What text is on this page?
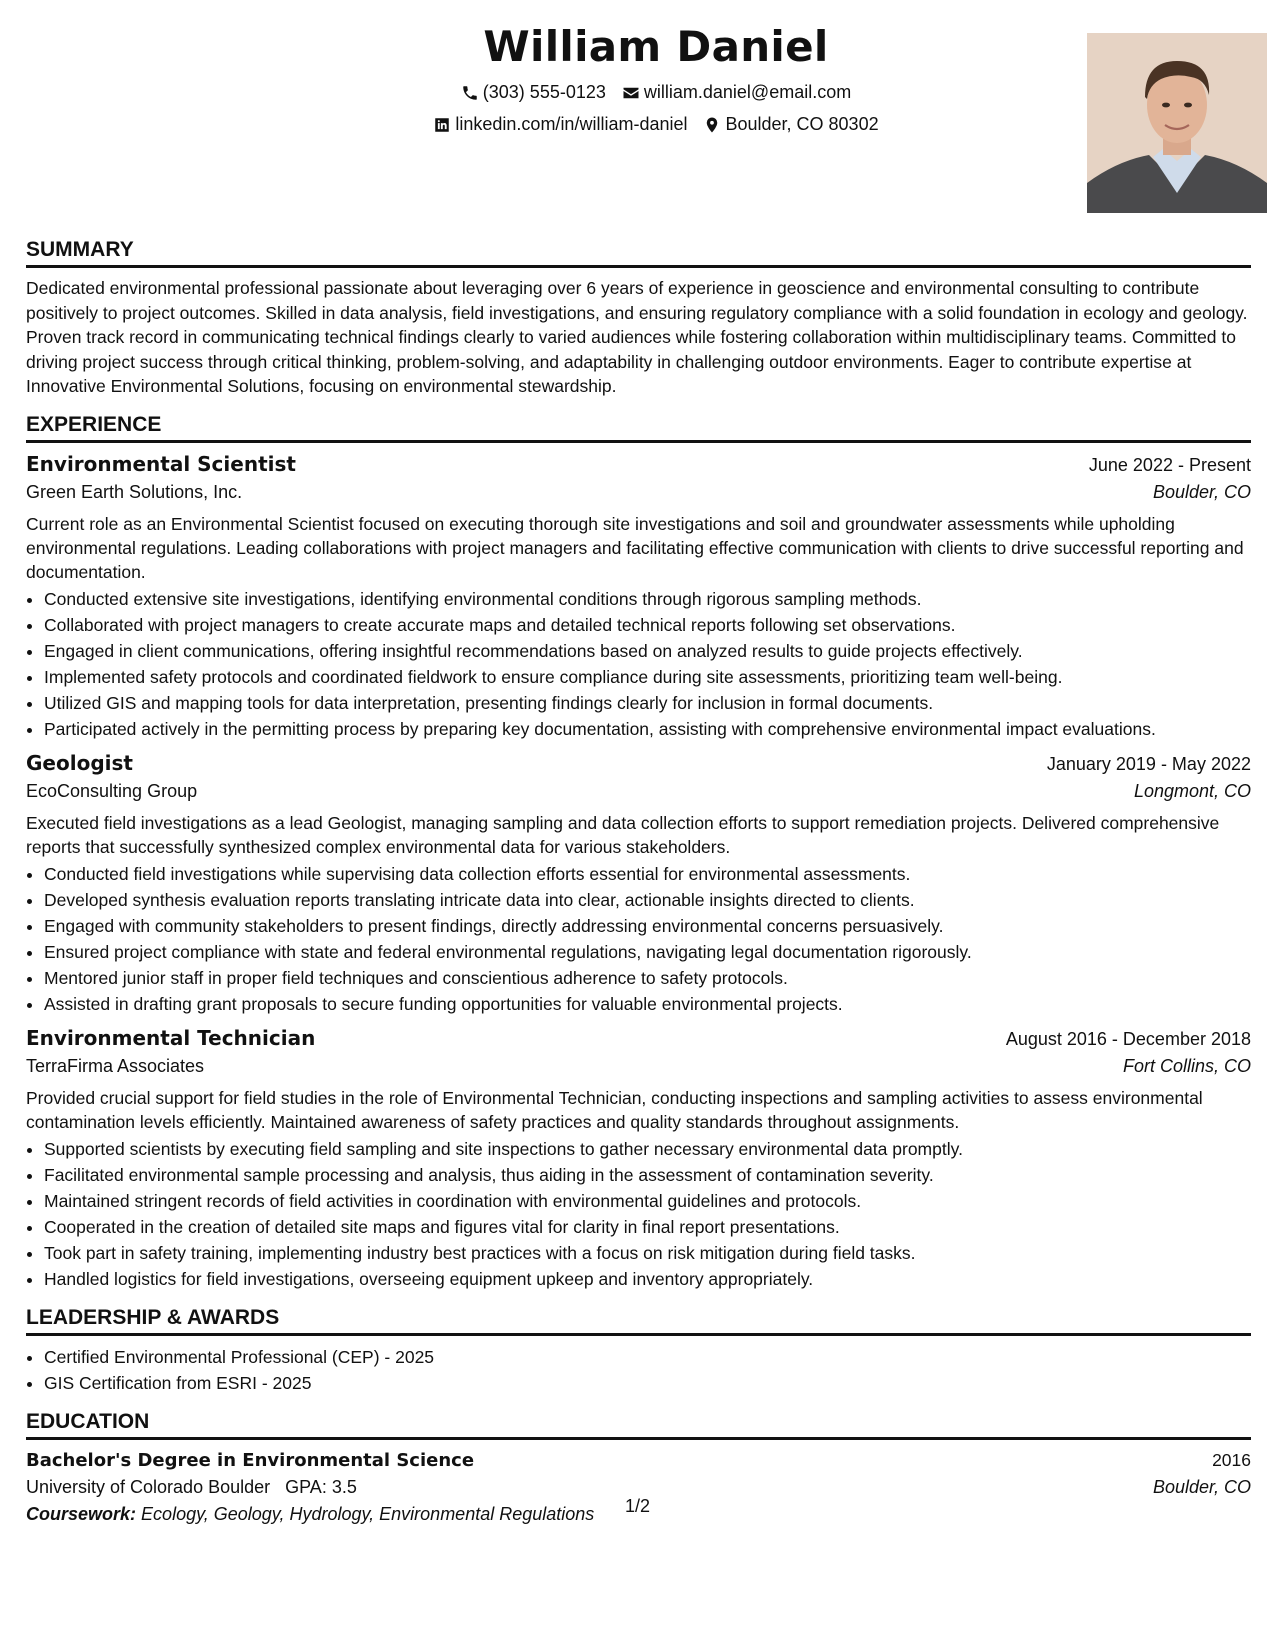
William Daniel
(303) 555-0123 william.daniel@email.com
linkedin.com/in/william-daniel Boulder, CO 80302
SUMMARY
Dedicated environmental professional passionate about leveraging over 6 years of experience in geoscience and environmental consulting to contribute positively to project outcomes. Skilled in data analysis, field investigations, and ensuring regulatory compliance with a solid foundation in ecology and geology. Proven track record in communicating technical findings clearly to varied audiences while fostering collaboration within multidisciplinary teams. Committed to driving project success through critical thinking, problem-solving, and adaptability in challenging outdoor environments. Eager to contribute expertise at Innovative Environmental Solutions, focusing on environmental stewardship.
EXPERIENCE
Environmental Scientist	June 2022 - Present
Green Earth Solutions, Inc.	Boulder, CO
Current role as an Environmental Scientist focused on executing thorough site investigations and soil and groundwater assessments while upholding environmental regulations. Leading collaborations with project managers and facilitating effective communication with clients to drive successful reporting and documentation.
• Conducted extensive site investigations, identifying environmental conditions through rigorous sampling methods.
• Collaborated with project managers to create accurate maps and detailed technical reports following set observations.
• Engaged in client communications, offering insightful recommendations based on analyzed results to guide projects effectively.
• Implemented safety protocols and coordinated fieldwork to ensure compliance during site assessments, prioritizing team well-being.
• Utilized GIS and mapping tools for data interpretation, presenting findings clearly for inclusion in formal documents.
• Participated actively in the permitting process by preparing key documentation, assisting with comprehensive environmental impact evaluations.
Geologist	January 2019 - May 2022
EcoConsulting Group	Longmont, CO
Executed field investigations as a lead Geologist, managing sampling and data collection efforts to support remediation projects. Delivered comprehensive reports that successfully synthesized complex environmental data for various stakeholders.
• Conducted field investigations while supervising data collection efforts essential for environmental assessments.
• Developed synthesis evaluation reports translating intricate data into clear, actionable insights directed to clients.
• Engaged with community stakeholders to present findings, directly addressing environmental concerns persuasively.
• Ensured project compliance with state and federal environmental regulations, navigating legal documentation rigorously.
• Mentored junior staff in proper field techniques and conscientious adherence to safety protocols.
• Assisted in drafting grant proposals to secure funding opportunities for valuable environmental projects.
Environmental Technician	August 2016 - December 2018
TerraFirma Associates	Fort Collins, CO
Provided crucial support for field studies in the role of Environmental Technician, conducting inspections and sampling activities to assess environmental contamination levels efficiently. Maintained awareness of safety practices and quality standards throughout assignments.
• Supported scientists by executing field sampling and site inspections to gather necessary environmental data promptly.
• Facilitated environmental sample processing and analysis, thus aiding in the assessment of contamination severity.
• Maintained stringent records of field activities in coordination with environmental guidelines and protocols.
• Cooperated in the creation of detailed site maps and figures vital for clarity in final report presentations.
• Took part in safety training, implementing industry best practices with a focus on risk mitigation during field tasks.
• Handled logistics for field investigations, overseeing equipment upkeep and inventory appropriately.
LEADERSHIP & AWARDS
• Certified Environmental Professional (CEP) - 2025
• GIS Certification from ESRI - 2025
EDUCATION
Bachelor's Degree in Environmental Science	2016
University of Colorado Boulder GPA: 3.5	Boulder, CO
Coursework: Ecology, Geology, Hydrology, Environmental Regulations	1/2
